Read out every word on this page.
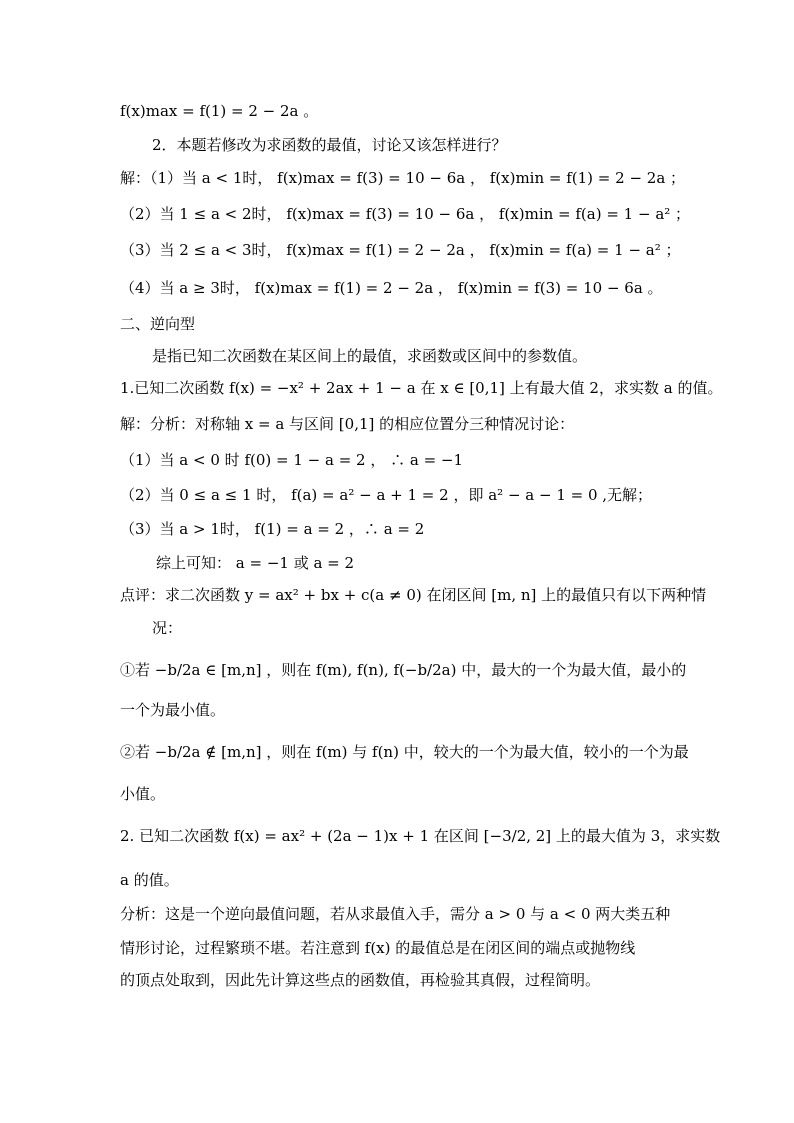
f(x)max = f(1) = 2 − 2a 。
2．本题若修改为求函数的最值，讨论又该怎样进行？
解：（1）当 a < 1时， f(x)max = f(3) = 10 − 6a ， f(x)min = f(1) = 2 − 2a ；
（2）当 1 ≤ a < 2时， f(x)max = f(3) = 10 − 6a ， f(x)min = f(a) = 1 − a² ；
（3）当 2 ≤ a < 3时， f(x)max = f(1) = 2 − 2a ， f(x)min = f(a) = 1 − a² ；
（4）当 a ≥ 3时， f(x)max = f(1) = 2 − 2a ， f(x)min = f(3) = 10 − 6a 。
二、逆向型
是指已知二次函数在某区间上的最值，求函数或区间中的参数值。
1.已知二次函数 f(x) = −x² + 2ax + 1 − a 在 x ∈ [0,1] 上有最大值 2，求实数 a 的值。
解：分析：对称轴 x = a 与区间 [0,1] 的相应位置分三种情况讨论：
（1）当 a < 0 时 f(0) = 1 − a = 2 ， ∴ a = −1
（2）当 0 ≤ a ≤ 1 时， f(a) = a² − a + 1 = 2 ，即 a² − a − 1 = 0 ,无解；
（3）当 a > 1时， f(1) = a = 2 ，∴ a = 2
综上可知： a = −1 或 a = 2
点评：求二次函数 y = ax² + bx + c(a ≠ 0) 在闭区间 [m, n] 上的最值只有以下两种情
况：
①若 −b/2a ∈ [m,n] ，则在 f(m), f(n), f(−b/2a) 中，最大的一个为最大值，最小的
一个为最小值。
②若 −b/2a ∉ [m,n] ，则在 f(m) 与 f(n) 中，较大的一个为最大值，较小的一个为最
小值。
2. 已知二次函数 f(x) = ax² + (2a − 1)x + 1 在区间 [−3/2, 2] 上的最大值为 3，求实数
a 的值。
分析：这是一个逆向最值问题，若从求最值入手，需分 a > 0 与 a < 0 两大类五种
情形讨论，过程繁琐不堪。若注意到 f(x) 的最值总是在闭区间的端点或抛物线
的顶点处取到，因此先计算这些点的函数值，再检验其真假，过程简明。
